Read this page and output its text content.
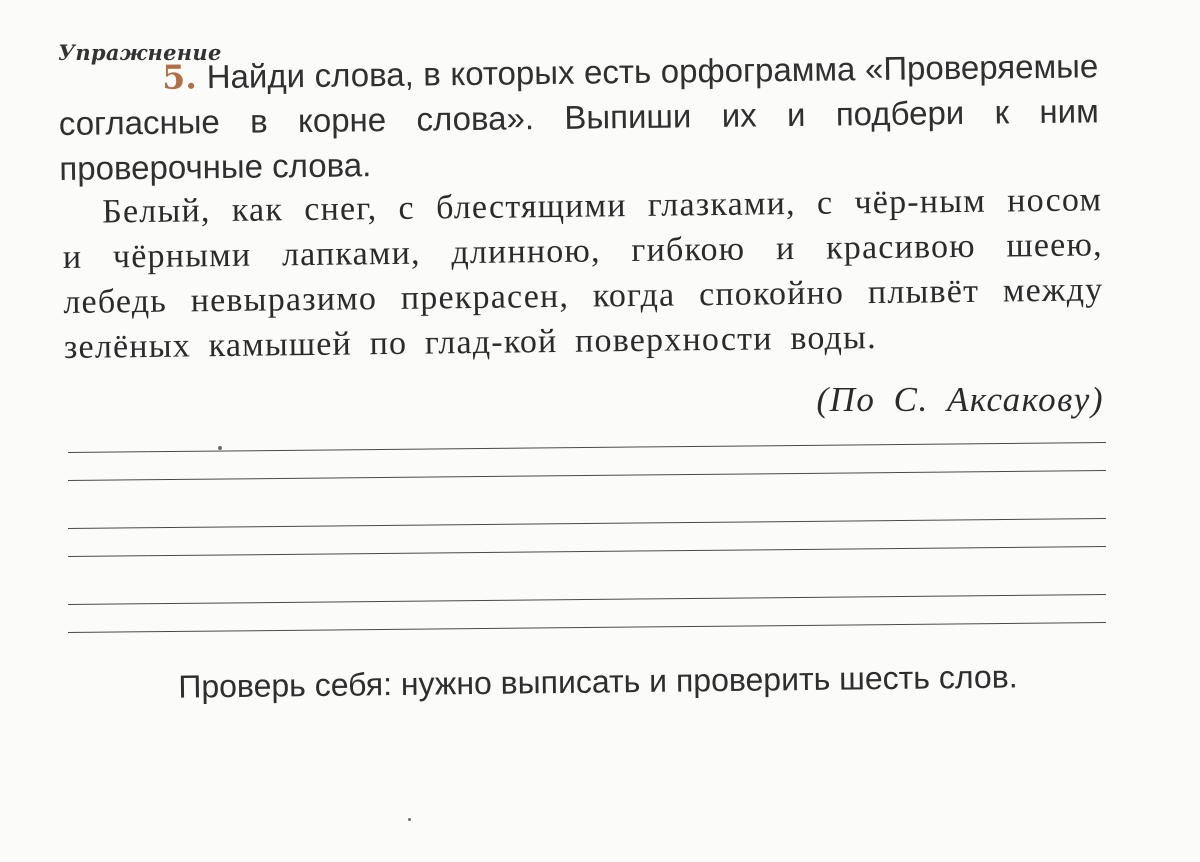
Упражнение
5. Найди слова, в которых есть орфограмма «Проверяемые согласные в корне слова». Выпиши их и подбери к ним проверочные слова.
Белый, как снег, с блестящими глазками, с чёр-ным носом и чёрными лапками, длинною, гибкою и красивою шеею, лебедь невыразимо прекрасен, когда спокойно плывёт между зелёных камышей по глад-кой поверхности воды.
(По С. Аксакову)
Проверь себя: нужно выписать и проверить шесть слов.
